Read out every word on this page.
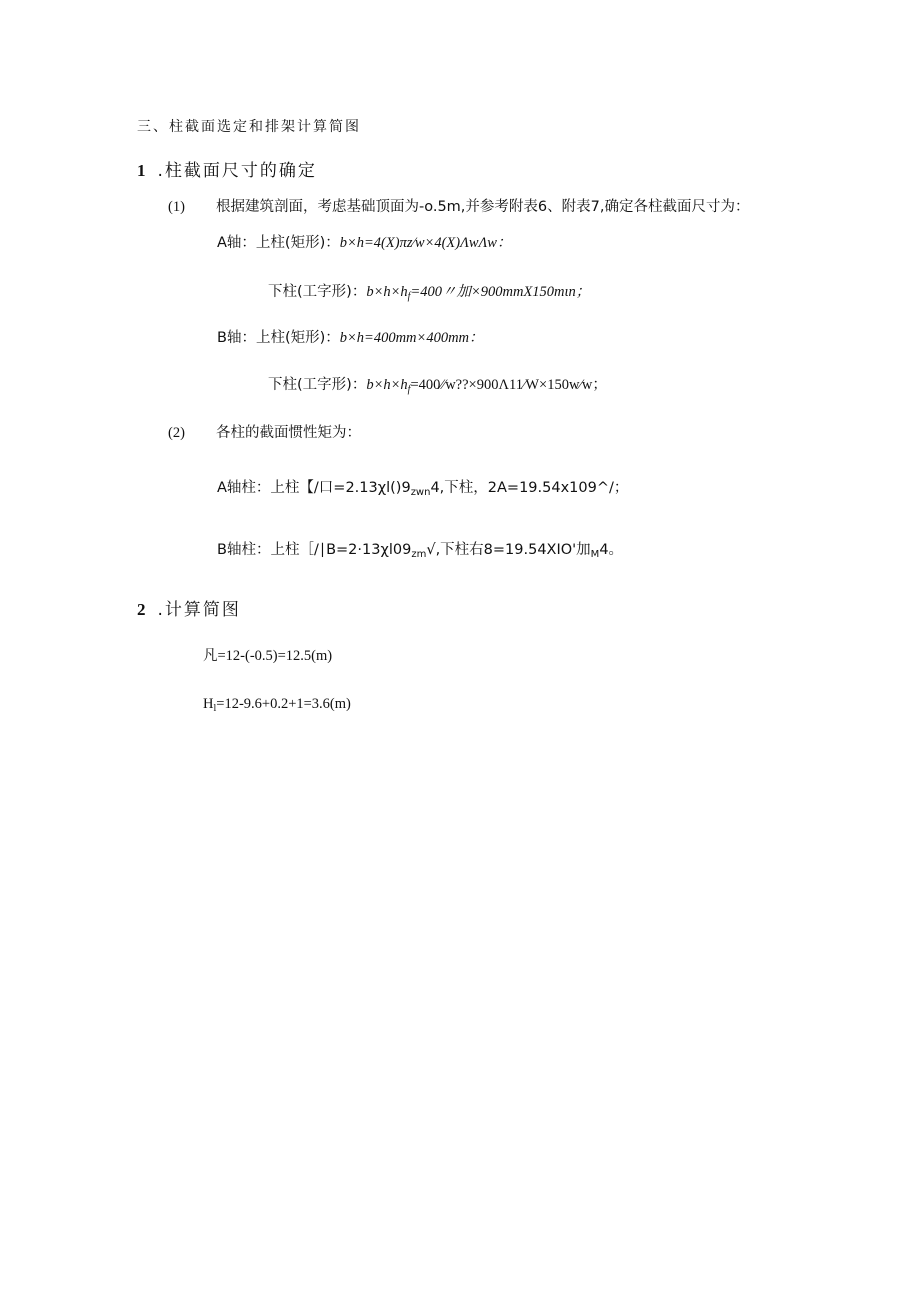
三、柱截面选定和排架计算简图
1 .柱截面尺寸的确定
(1) 根据建筑剖面，考虑基础顶面为-o.5m,并参考附表6、附表7,确定各柱截面尺寸为：
A轴：上柱(矩形)：b×h=4(X)πz∕w×4(X)ΛwΛw：
下柱(工字形)：$b\times h\times h_f=400$〃加×900mmX150mιn；
B轴：上柱(矩形)：b×h=400mm×400mm：
下柱(工字形)：$b\times h\times h_f=400∕∕w??\times 900\Lambda 11∕W\times 150w∕w$；
(2) 各柱的截面惯性矩为：
A轴柱：上柱【/口$=2.13\chi l()9_{zwn}4$,下柱，2A=19.54x109^/；
B轴柱：上柱$[/∣B=2\cdot 13\chi l09_{zm}√$,下柱右8=19.54XIO'加$_M$4。
2 .计算简图
凡=12-(-0.5)=12.5(m)
$H_l=12-9.6+0.2+1=3.6(m)$
